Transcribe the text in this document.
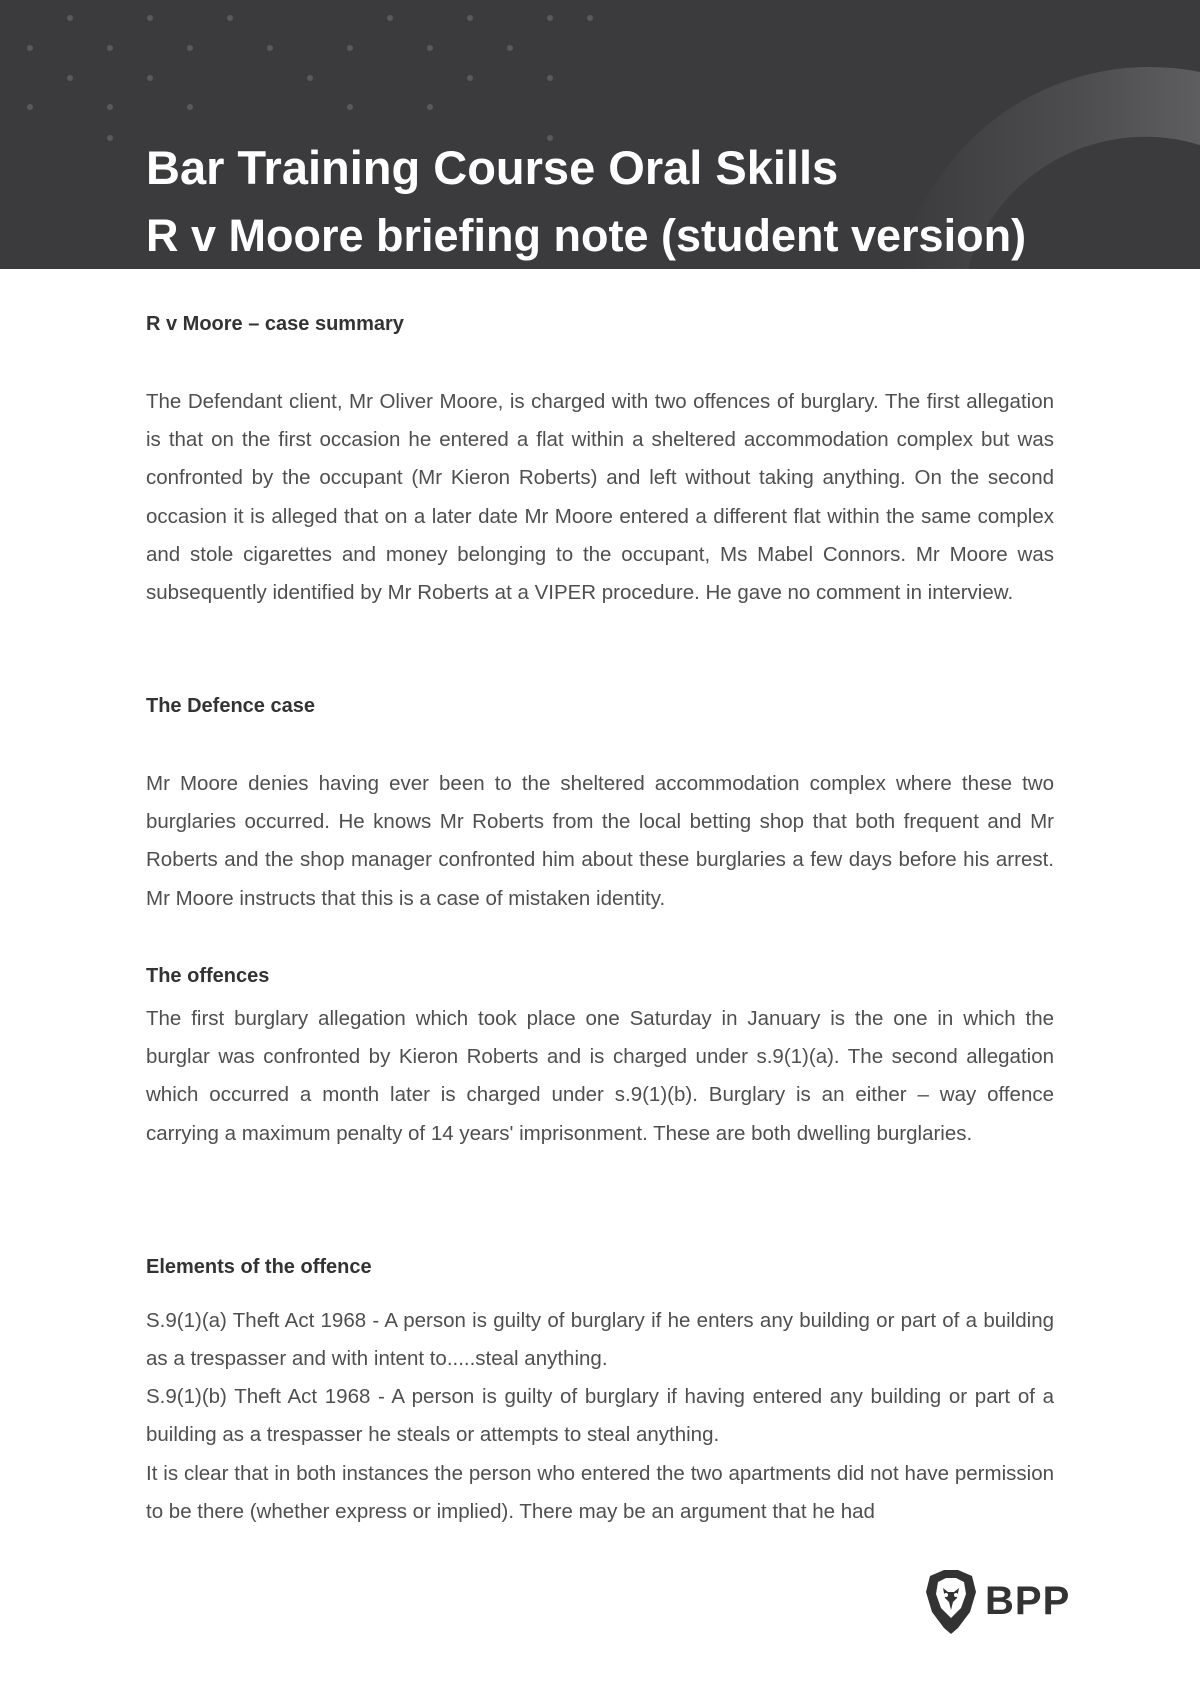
Bar Training Course Oral Skills
R v Moore briefing note (student version)
R v Moore – case summary

The Defendant client, Mr Oliver Moore, is charged with two offences of burglary. The first allegation is that on the first occasion he entered a flat within a sheltered accommodation complex but was confronted by the occupant (Mr Kieron Roberts) and left without taking anything. On the second occasion it is alleged that on a later date Mr Moore entered a different flat within the same complex and stole cigarettes and money belonging to the occupant, Ms Mabel Connors. Mr Moore was subsequently identified by Mr Roberts at a VIPER procedure. He gave no comment in interview.

The Defence case

Mr Moore denies having ever been to the sheltered accommodation complex where these two burglaries occurred. He knows Mr Roberts from the local betting shop that both frequent and Mr Roberts and the shop manager confronted him about these burglaries a few days before his arrest. Mr Moore instructs that this is a case of mistaken identity.

The offences

The first burglary allegation which took place one Saturday in January is the one in which the burglar was confronted by Kieron Roberts and is charged under s.9(1)(a). The second allegation which occurred a month later is charged under s.9(1)(b). Burglary is an either – way offence carrying a maximum penalty of 14 years' imprisonment. These are both dwelling burglaries.

Elements of the offence

S.9(1)(a) Theft Act 1968 - A person is guilty of burglary if he enters any building or part of a building as a trespasser and with intent to.....steal anything.

S.9(1)(b) Theft Act 1968 - A person is guilty of burglary if having entered any building or part of a building as a trespasser he steals or attempts to steal anything.

It is clear that in both instances the person who entered the two apartments did not have permission to be there (whether express or implied). There may be an argument that he had

BPP
